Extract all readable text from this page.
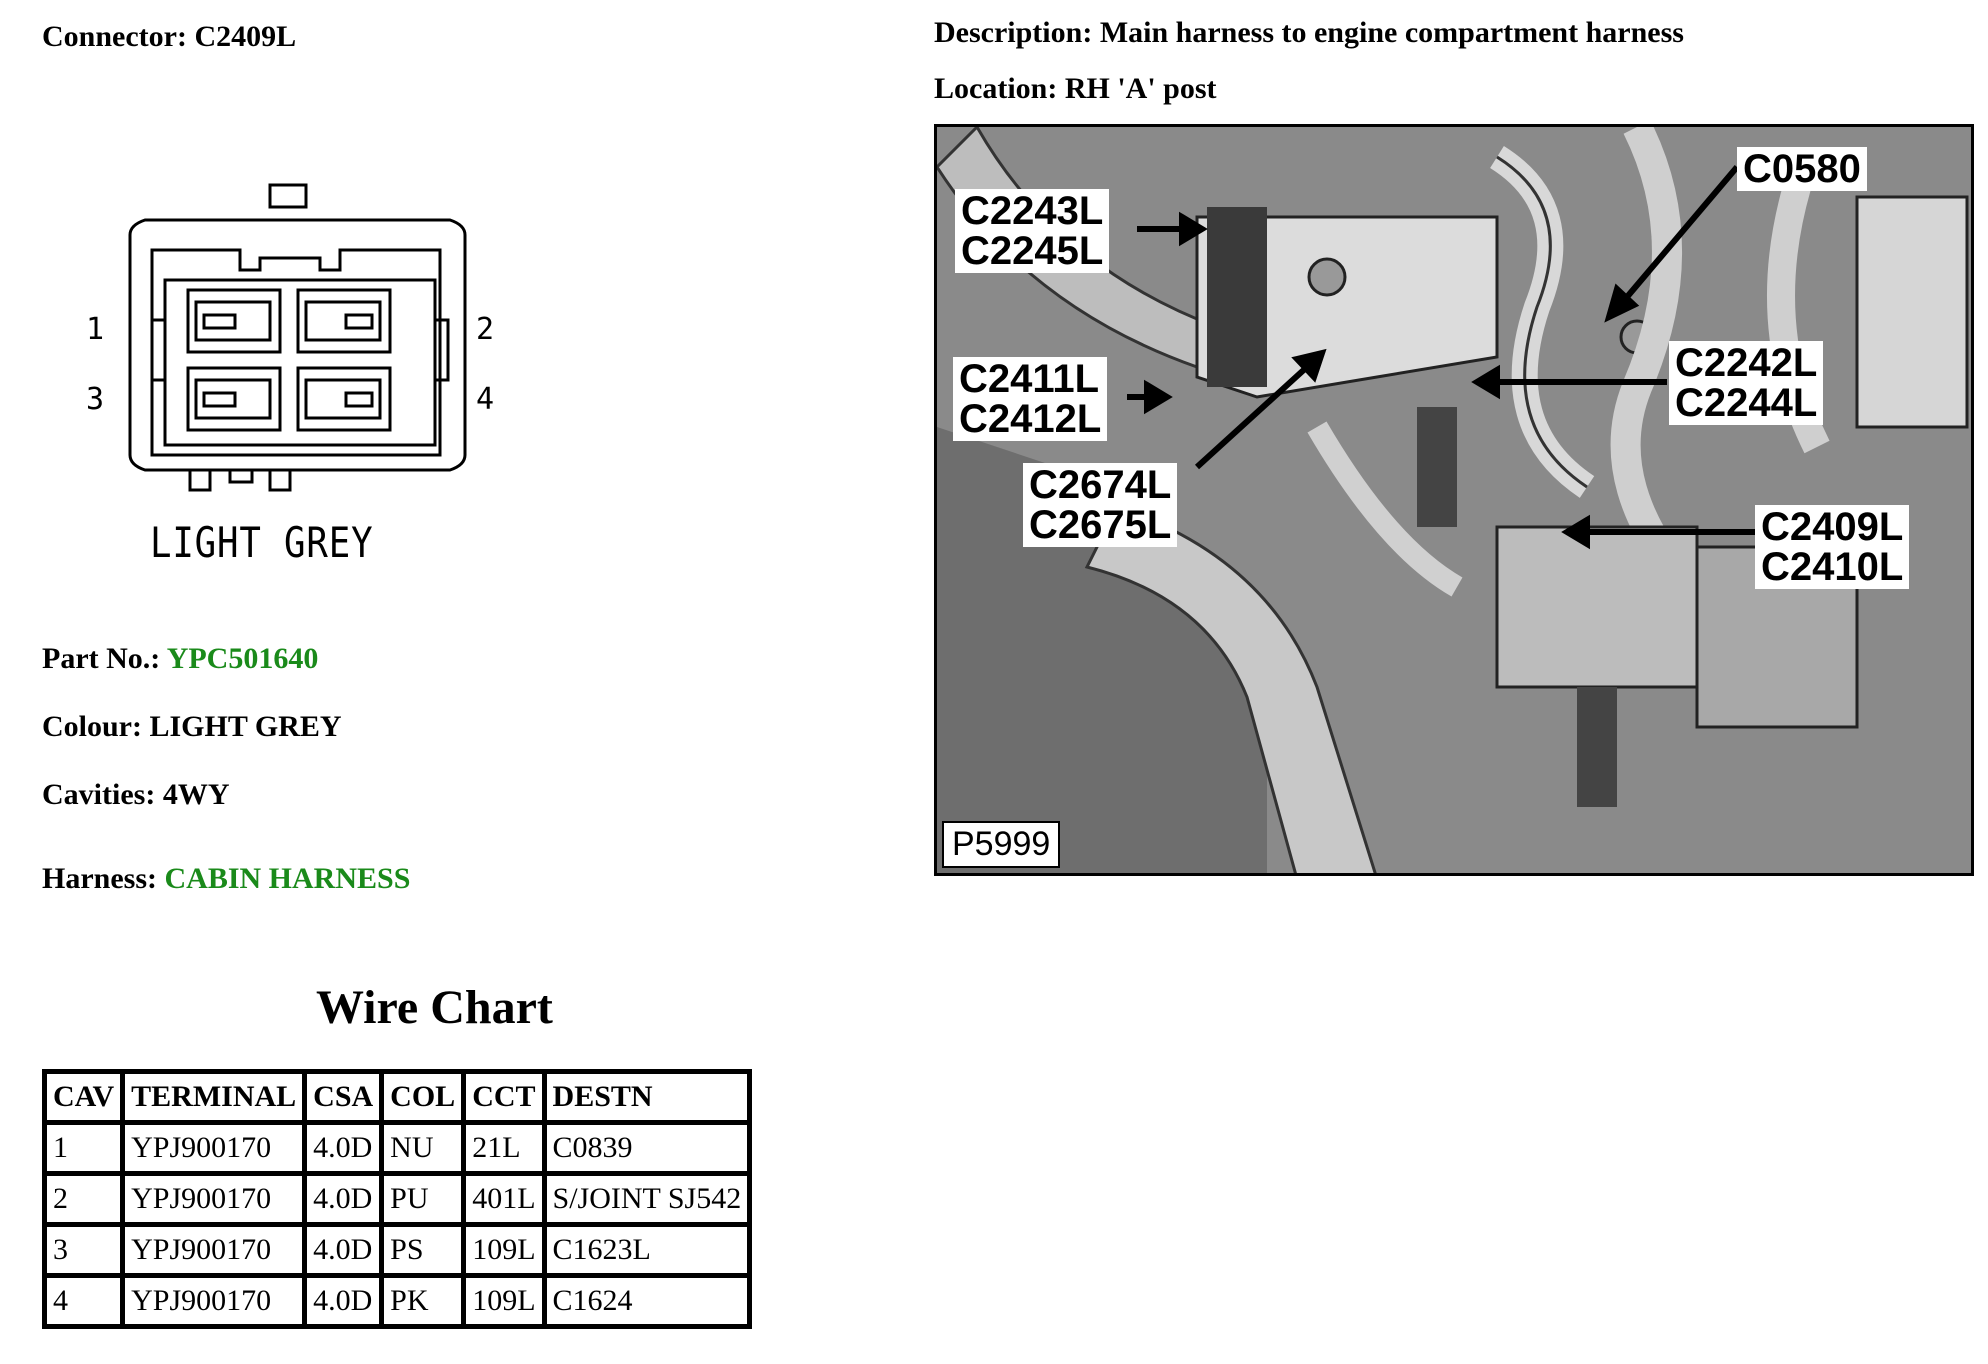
Connector: C2409L	Description: Main harness to engine compartment harness
Location: RH 'A' post
1	2
3	4
LIGHT GREY
Part No.: YPC501640
Colour: LIGHT GREY
Cavities: 4WY
Harness: CABIN HARNESS
Wire Chart
CAV	TERMINAL	CSA	COL	CCT	DESTN
1	YPJ900170	4.0D	NU	21L	C0839
2	YPJ900170	4.0D	PU	401L	S/JOINT SJ542
3	YPJ900170	4.0D	PS	109L	C1623L
4	YPJ900170	4.0D	PK	109L	C1624
C2243L
C2245L
C0580
C2411L
C2412L
C2242L
C2244L
C2674L
C2675L	C2409L
C2410L
P5999
